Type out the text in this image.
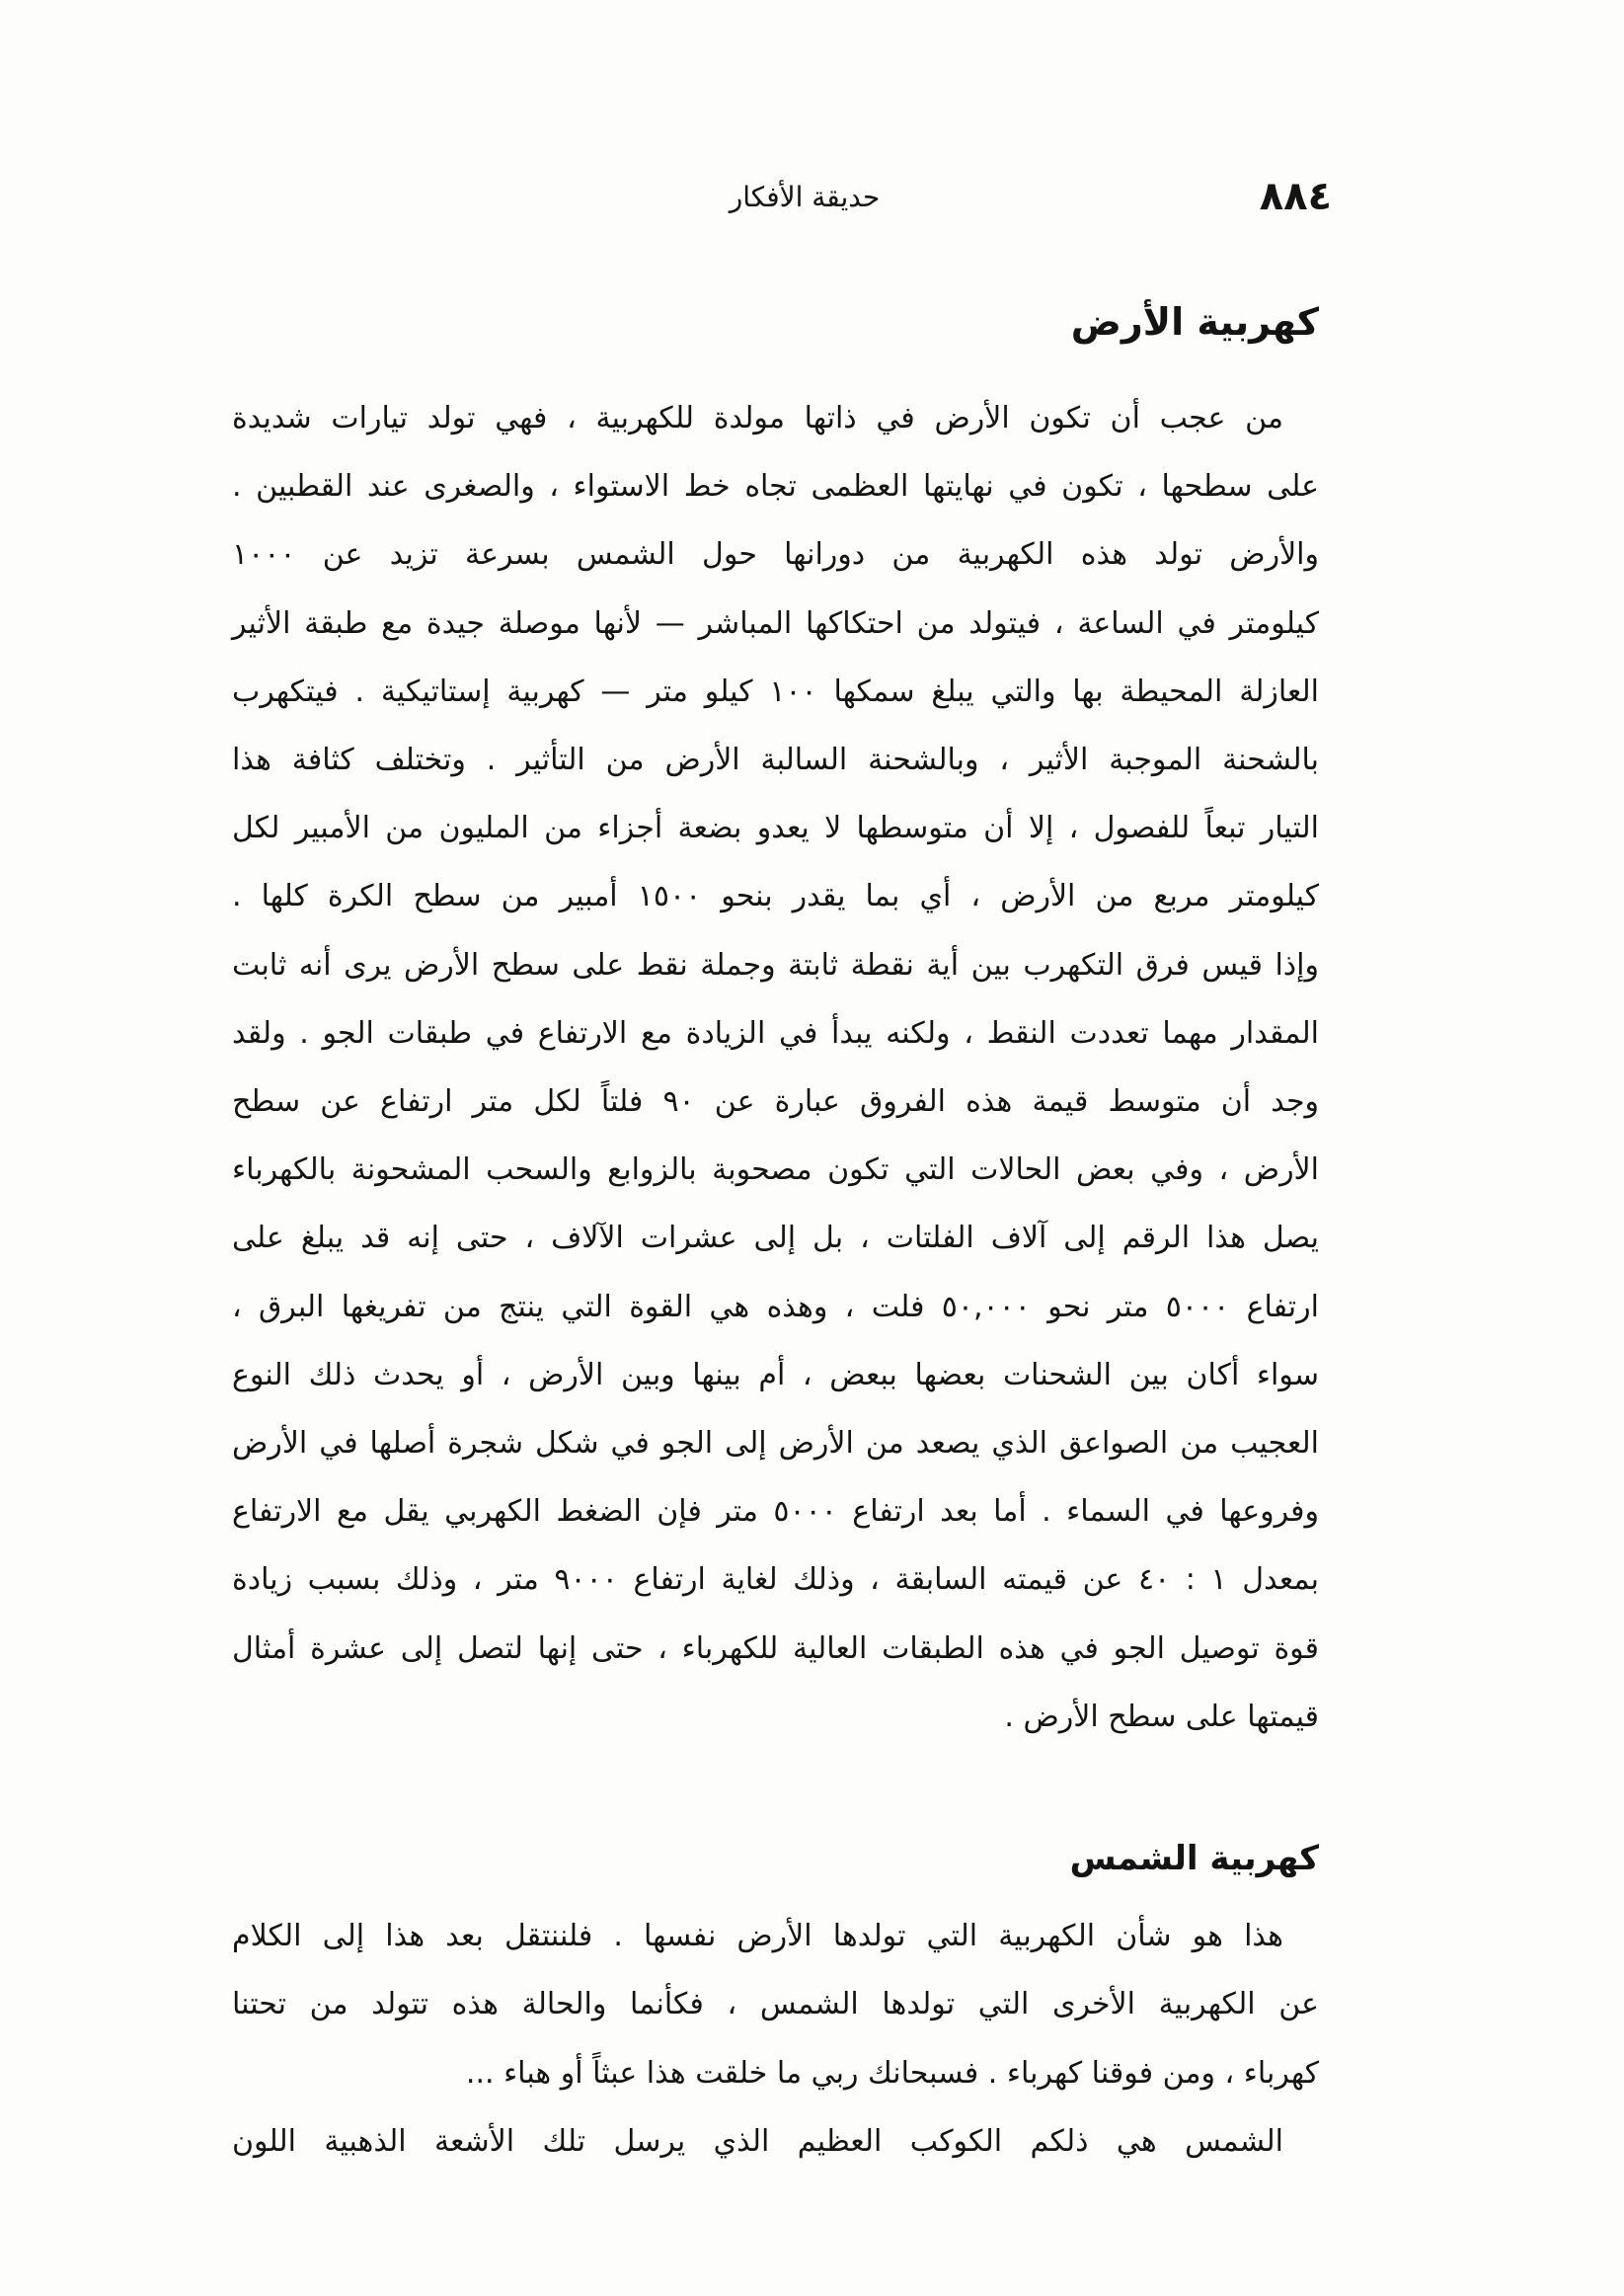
٨٨٤
حديقة الأفكار
كهربية الأرض
من عجب أن تكون الأرض في ذاتها مولدة للكهربية ، فهي تولد تيارات شديدة
على سطحها ، تكون في نهايتها العظمى تجاه خط الاستواء ، والصغرى عند القطبين .
والأرض تولد هذه الكهربية من دورانها حول الشمس بسرعة تزيد عن ١٠٠٠
كيلومتر في الساعة ، فيتولد من احتكاكها المباشر — لأنها موصلة جيدة مع طبقة الأثير
العازلة المحيطة بها والتي يبلغ سمكها ١٠٠ كيلو متر — كهربية إستاتيكية . فيتكهرب
بالشحنة الموجبة الأثير ، وبالشحنة السالبة الأرض من التأثير . وتختلف كثافة هذا
التيار تبعاً للفصول ، إلا أن متوسطها لا يعدو بضعة أجزاء من المليون من الأمبير لكل
كيلومتر مربع من الأرض ، أي بما يقدر بنحو ١٥٠٠ أمبير من سطح الكرة كلها .
وإذا قيس فرق التكهرب بين أية نقطة ثابتة وجملة نقط على سطح الأرض يرى أنه ثابت
المقدار مهما تعددت النقط ، ولكنه يبدأ في الزيادة مع الارتفاع في طبقات الجو . ولقد
وجد أن متوسط قيمة هذه الفروق عبارة عن ٩٠ فلتاً لكل متر ارتفاع عن سطح
الأرض ، وفي بعض الحالات التي تكون مصحوبة بالزوابع والسحب المشحونة بالكهرباء
يصل هذا الرقم إلى آلاف الفلتات ، بل إلى عشرات الآلاف ، حتى إنه قد يبلغ على
ارتفاع ٥٠٠٠ متر نحو ٥٠,٠٠٠ فلت ، وهذه هي القوة التي ينتج من تفريغها البرق ،
سواء أكان بين الشحنات بعضها ببعض ، أم بينها وبين الأرض ، أو يحدث ذلك النوع
العجيب من الصواعق الذي يصعد من الأرض إلى الجو في شكل شجرة أصلها في الأرض
وفروعها في السماء . أما بعد ارتفاع ٥٠٠٠ متر فإن الضغط الكهربي يقل مع الارتفاع
بمعدل ١ : ٤٠ عن قيمته السابقة ، وذلك لغاية ارتفاع ٩٠٠٠ متر ، وذلك بسبب زيادة
قوة توصيل الجو في هذه الطبقات العالية للكهرباء ، حتى إنها لتصل إلى عشرة أمثال
قيمتها على سطح الأرض .
كهربية الشمس
هذا هو شأن الكهربية التي تولدها الأرض نفسها . فلننتقل بعد هذا إلى الكلام
عن الكهربية الأخرى التي تولدها الشمس ، فكأنما والحالة هذه تتولد من تحتنا
كهرباء ، ومن فوقنا كهرباء . فسبحانك ربي ما خلقت هذا عبثاً أو هباء ...
الشمس هي ذلكم الكوكب العظيم الذي يرسل تلك الأشعة الذهبية اللون
